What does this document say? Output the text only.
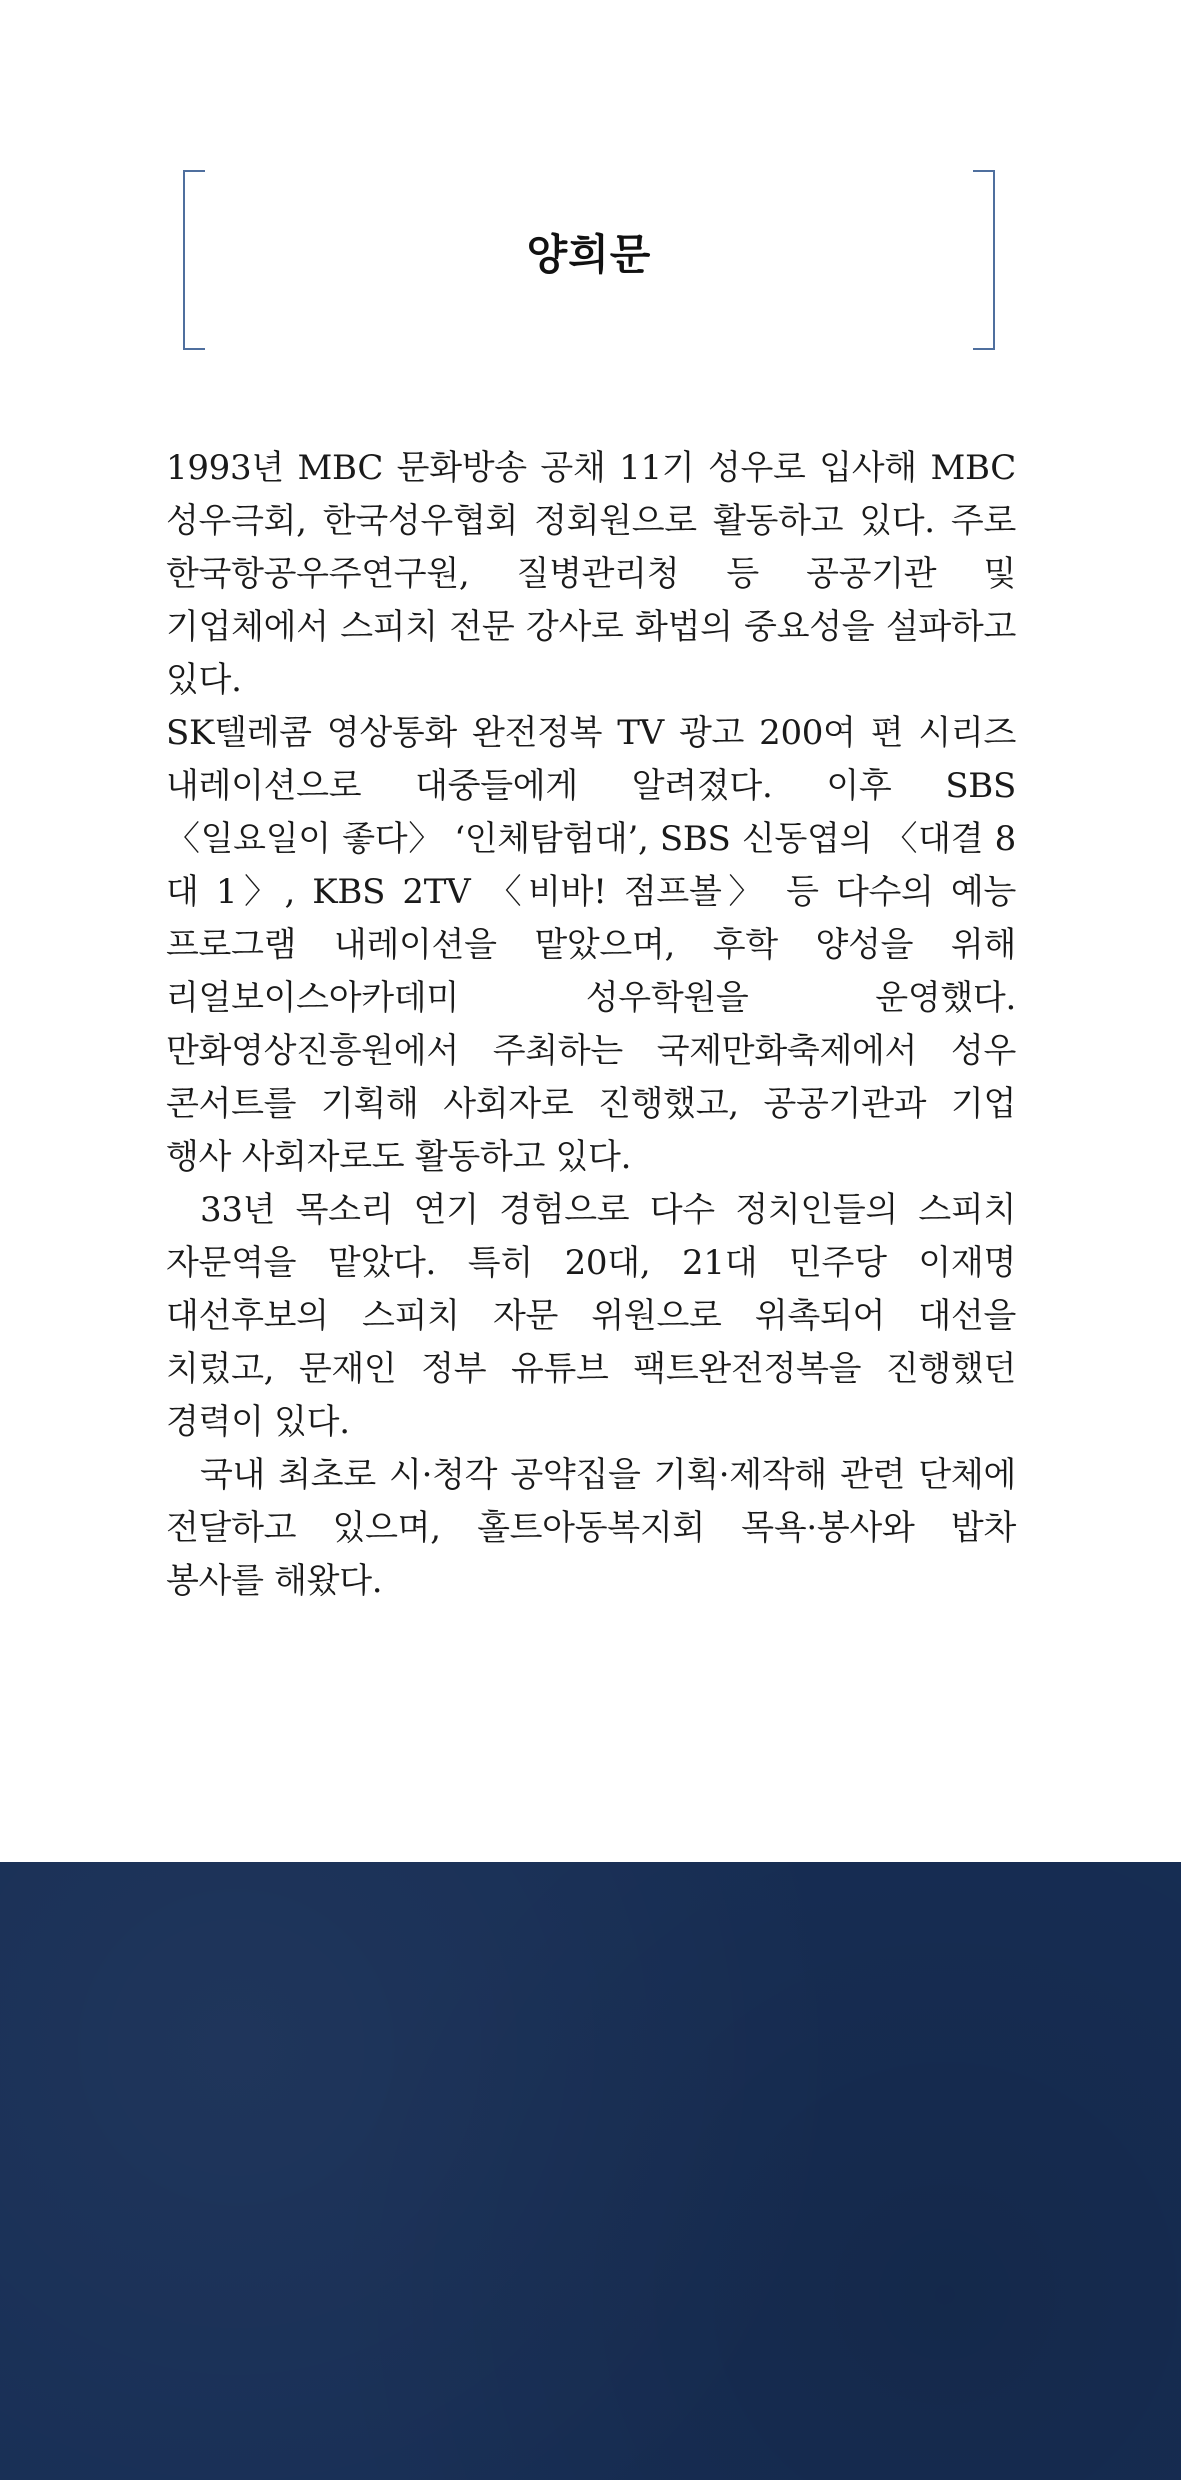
양희문

1993년 MBC 문화방송 공채 11기 성우로 입사해 MBC 성우극회, 한국성우협회 정회원으로 활동하고 있다. 주로 한국항공우주연구원, 질병관리청 등 공공기관 및 기업체에서 스피치 전문 강사로 화법의 중요성을 설파하고 있다.

SK텔레콤 영상통화 완전정복 TV 광고 200여 편 시리즈 내레이션으로 대중들에게 알려졌다. 이후 SBS 〈일요일이 좋다〉 ‘인체탐험대’, SBS 신동엽의 〈대결 8 대 1〉, KBS 2TV 〈비바! 점프볼〉 등 다수의 예능 프로그램 내레이션을 맡았으며, 후학 양성을 위해 리얼보이스아카데미 성우학원을 운영했다. 만화영상진흥원에서 주최하는 국제만화축제에서 성우 콘서트를 기획해 사회자로 진행했고, 공공기관과 기업 행사 사회자로도 활동하고 있다.

33년 목소리 연기 경험으로 다수 정치인들의 스피치 자문역을 맡았다. 특히 20대, 21대 민주당 이재명 대선후보의 스피치 자문 위원으로 위촉되어 대선을 치렀고, 문재인 정부 유튜브 팩트완전정복을 진행했던 경력이 있다.

국내 최초로 시·청각 공약집을 기획·제작해 관련 단체에 전달하고 있으며, 홀트아동복지회 목욕·봉사와 밥차 봉사를 해왔다.
